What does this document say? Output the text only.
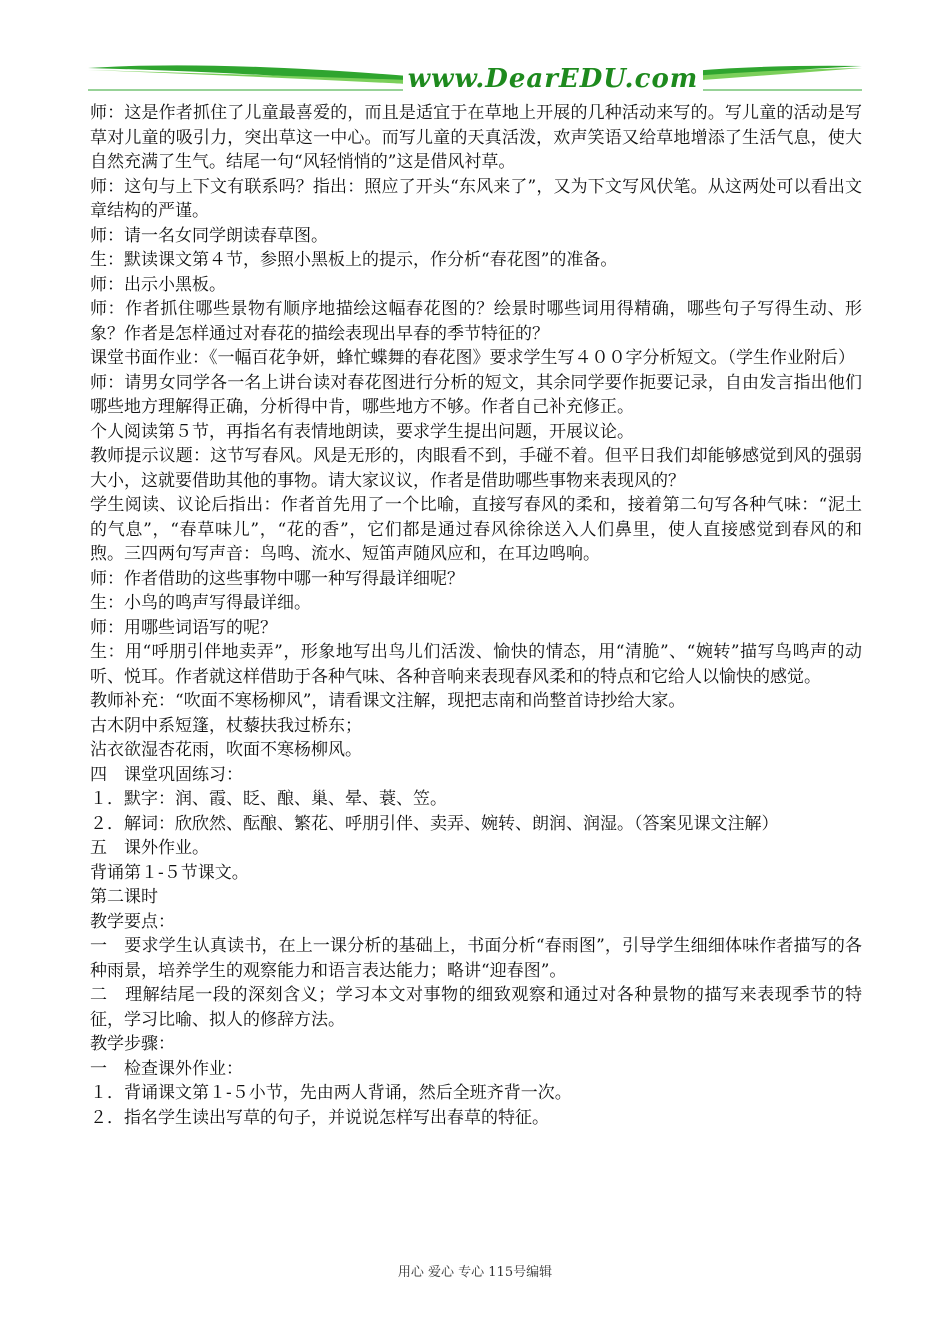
www.DearEDU.com

师：这是作者抓住了儿童最喜爱的，而且是适宜于在草地上开展的几种活动来写的。写儿童的活动是写草对儿童的吸引力，突出草这一中心。而写儿童的天真活泼，欢声笑语又给草地增添了生活气息，使大自然充满了生气。结尾一句“风轻悄悄的”这是借风衬草。

师：这句与上下文有联系吗？指出：照应了开头“东风来了”，又为下文写风伏笔。从这两处可以看出文章结构的严谨。

师：请一名女同学朗读春草图。

生：默读课文第４节，参照小黑板上的提示，作分析“春花图”的准备。

师：出示小黑板。

师：作者抓住哪些景物有顺序地描绘这幅春花图的？绘景时哪些词用得精确，哪些句子写得生动、形象？作者是怎样通过对春花的描绘表现出早春的季节特征的？

课堂书面作业：《一幅百花争妍，蜂忙蝶舞的春花图》要求学生写４００字分析短文。（学生作业附后）

师：请男女同学各一名上讲台读对春花图进行分析的短文，其余同学要作扼要记录，自由发言指出他们哪些地方理解得正确，分析得中肯，哪些地方不够。作者自己补充修正。

个人阅读第５节，再指名有表情地朗读，要求学生提出问题，开展议论。

教师提示议题：这节写春风。风是无形的，肉眼看不到，手碰不着。但平日我们却能够感觉到风的强弱大小，这就要借助其他的事物。请大家议议，作者是借助哪些事物来表现风的？

学生阅读、议论后指出：作者首先用了一个比喻，直接写春风的柔和，接着第二句写各种气味：“泥土的气息”，“春草味儿”，“花的香”，它们都是通过春风徐徐送入人们鼻里，使人直接感觉到春风的和煦。三四两句写声音：鸟鸣、流水、短笛声随风应和，在耳边鸣响。

师：作者借助的这些事物中哪一种写得最详细呢？

生：小鸟的鸣声写得最详细。

师：用哪些词语写的呢？

生：用“呼朋引伴地卖弄”，形象地写出鸟儿们活泼、愉快的情态，用“清脆”、“婉转”描写鸟鸣声的动听、悦耳。作者就这样借助于各种气味、各种音响来表现春风柔和的特点和它给人以愉快的感觉。

教师补充：“吹面不寒杨柳风”，请看课文注解，现把志南和尚整首诗抄给大家。

古木阴中系短篷，杖藜扶我过桥东；

沾衣欲湿杏花雨，吹面不寒杨柳风。

四　课堂巩固练习：

１．默字：润、霞、眨、酿、巢、晕、蓑、笠。

２．解词：欣欣然、酝酿、繁花、呼朋引伴、卖弄、婉转、朗润、润湿。（答案见课文注解）

五　课外作业。

背诵第１-５节课文。

第二课时

教学要点：

一　要求学生认真读书，在上一课分析的基础上，书面分析“春雨图”，引导学生细细体味作者描写的各种雨景，培养学生的观察能力和语言表达能力；略讲“迎春图”。

二　理解结尾一段的深刻含义；学习本文对事物的细致观察和通过对各种景物的描写来表现季节的特征，学习比喻、拟人的修辞方法。

教学步骤：

一　检查课外作业：

１．背诵课文第１-５小节，先由两人背诵，然后全班齐背一次。

２．指名学生读出写草的句子，并说说怎样写出春草的特征。

用心 爱心 专心 115号编辑
